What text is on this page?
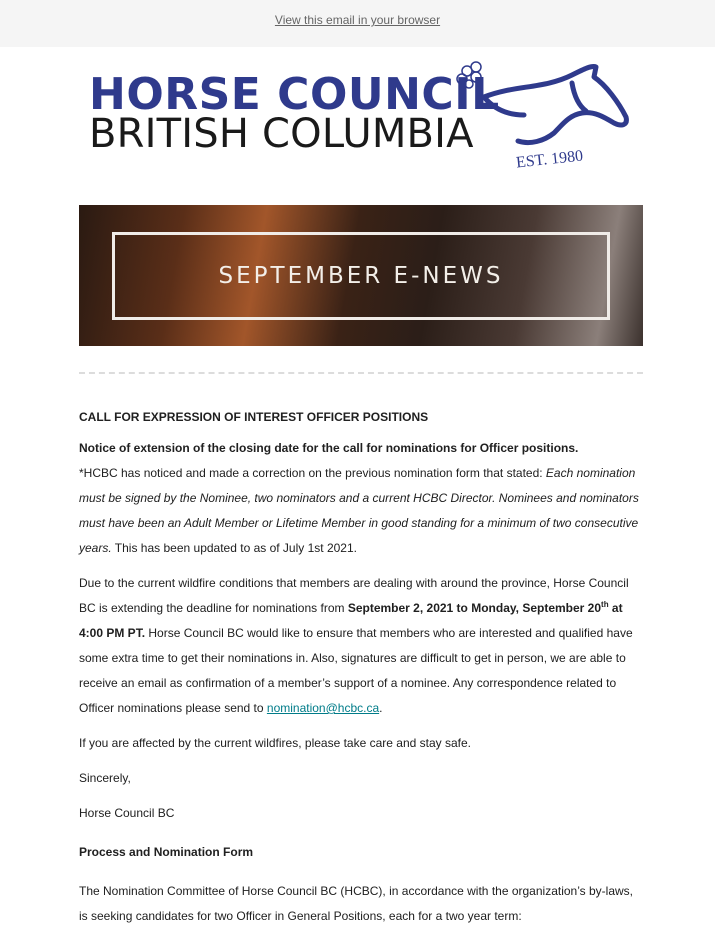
View this email in your browser
HORSE COUNCIL
BRITISH COLUMBIA
EST. 1980
SEPTEMBER E-NEWS
CALL FOR EXPRESSION OF INTEREST OFFICER POSITIONS

Notice of extension of the closing date for the call for nominations for Officer positions.

*HCBC has noticed and made a correction on the previous nomination form that stated: Each nomination must be signed by the Nominee, two nominators and a current HCBC Director. Nominees and nominators must have been an Adult Member or Lifetime Member in good standing for a minimum of two consecutive years. This has been updated to as of July 1st 2021.

Due to the current wildfire conditions that members are dealing with around the province, Horse Council BC is extending the deadline for nominations from September 2, 2021 to Monday, September 20th at 4:00 PM PT. Horse Council BC would like to ensure that members who are interested and qualified have some extra time to get their nominations in. Also, signatures are difficult to get in person, we are able to receive an email as confirmation of a member’s support of a nominee. Any correspondence related to Officer nominations please send to nomination@hcbc.ca.

If you are affected by the current wildfires, please take care and stay safe.

Sincerely,

Horse Council BC

Process and Nomination Form

The Nomination Committee of Horse Council BC (HCBC), in accordance with the organization’s by-laws, is seeking candidates for two Officer in General Positions, each for a two year term:
